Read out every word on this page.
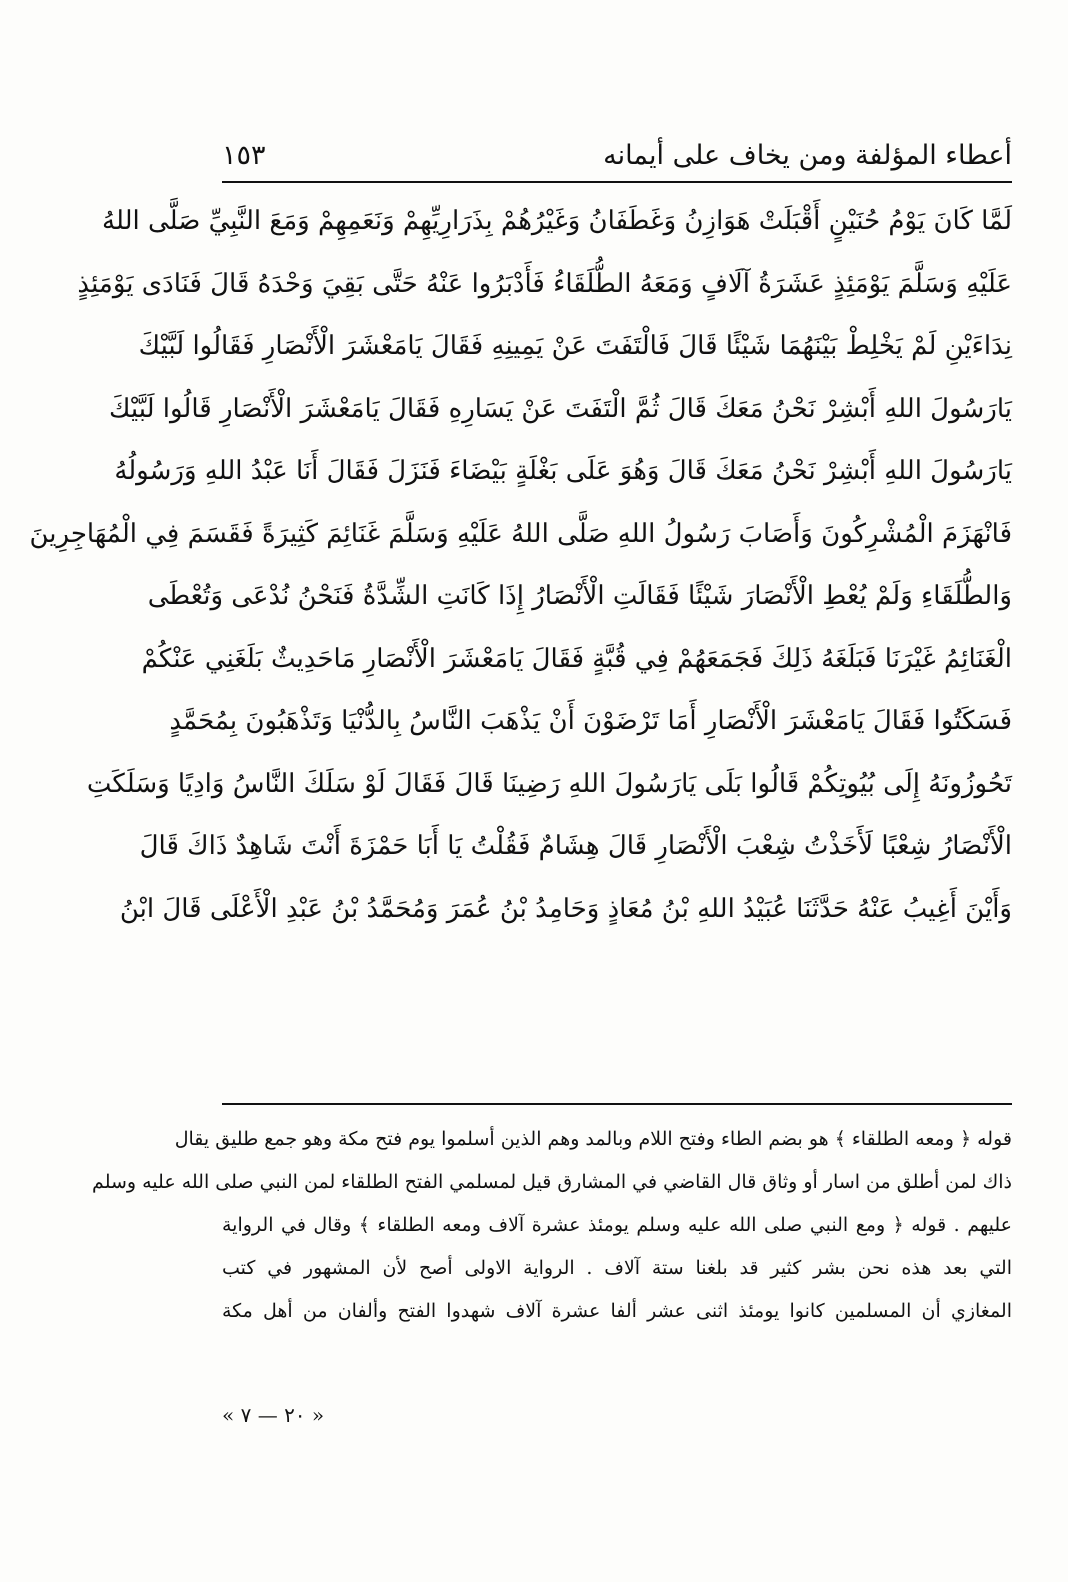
أعطاء المؤلفة ومن يخاف على أيمانه
١٥٣
لَمَّا كَانَ يَوْمُ حُنَيْنٍ أَقْبَلَتْ هَوَازِنُ وَغَطَفَانُ وَغَيْرُهُمْ بِذَرَارِيِّهِمْ وَنَعَمِهِمْ وَمَعَ النَّبِيِّ صَلَّى اللهُ
عَلَيْهِ وَسَلَّمَ يَوْمَئِذٍ عَشَرَةُ آلَافٍ وَمَعَهُ الطُّلَقَاءُ فَأَدْبَرُوا عَنْهُ حَتَّى بَقِيَ وَحْدَهُ قَالَ فَنَادَى يَوْمَئِذٍ
نِدَاءَيْنِ لَمْ يَخْلِطْ بَيْنَهُمَا شَيْئًا قَالَ فَالْتَفَتَ عَنْ يَمِينِهِ فَقَالَ يَامَعْشَرَ الْأَنْصَارِ فَقَالُوا لَبَّيْكَ
يَارَسُولَ اللهِ أَبْشِرْ نَحْنُ مَعَكَ قَالَ ثُمَّ الْتَفَتَ عَنْ يَسَارِهِ فَقَالَ يَامَعْشَرَ الْأَنْصَارِ قَالُوا لَبَّيْكَ
يَارَسُولَ اللهِ أَبْشِرْ نَحْنُ مَعَكَ قَالَ وَهُوَ عَلَى بَغْلَةٍ بَيْضَاءَ فَنَزَلَ فَقَالَ أَنَا عَبْدُ اللهِ وَرَسُولُهُ
فَانْهَزَمَ الْمُشْرِكُونَ وَأَصَابَ رَسُولُ اللهِ صَلَّى اللهُ عَلَيْهِ وَسَلَّمَ غَنَائِمَ كَثِيرَةً فَقَسَمَ فِي الْمُهَاجِرِينَ
وَالطُّلَقَاءِ وَلَمْ يُعْطِ الْأَنْصَارَ شَيْئًا فَقَالَتِ الْأَنْصَارُ إِذَا كَانَتِ الشِّدَّةُ فَنَحْنُ نُدْعَى وَتُعْطَى
الْغَنَائِمُ غَيْرَنَا فَبَلَغَهُ ذَلِكَ فَجَمَعَهُمْ فِي قُبَّةٍ فَقَالَ يَامَعْشَرَ الْأَنْصَارِ مَاحَدِيثٌ بَلَغَنِي عَنْكُمْ
فَسَكَتُوا فَقَالَ يَامَعْشَرَ الْأَنْصَارِ أَمَا تَرْضَوْنَ أَنْ يَذْهَبَ النَّاسُ بِالدُّنْيَا وَتَذْهَبُونَ بِمُحَمَّدٍ
تَحُوزُونَهُ إِلَى بُيُوتِكُمْ قَالُوا بَلَى يَارَسُولَ اللهِ رَضِينَا قَالَ فَقَالَ لَوْ سَلَكَ النَّاسُ وَادِيًا وَسَلَكَتِ
الْأَنْصَارُ شِعْبًا لَأَخَذْتُ شِعْبَ الْأَنْصَارِ قَالَ هِشَامٌ فَقُلْتُ يَا أَبَا حَمْزَةَ أَنْتَ شَاهِدٌ ذَاكَ قَالَ
وَأَيْنَ أَغِيبُ عَنْهُ حَدَّثَنَا عُبَيْدُ اللهِ بْنُ مُعَاذٍ وَحَامِدُ بْنُ عُمَرَ وَمُحَمَّدُ بْنُ عَبْدِ الْأَعْلَى قَالَ ابْنُ
قوله ﴿ ومعه الطلقاء ﴾ هو بضم الطاء وفتح اللام وبالمد وهم الذين أسلموا يوم فتح مكة وهو جمع طليق يقال
ذاك لمن أطلق من اسار أو وثاق قال القاضي في المشارق قيل لمسلمي الفتح الطلقاء لمن النبي صلى الله عليه وسلم
عليهم . قوله ﴿ ومع النبي صلى الله عليه وسلم يومئذ عشرة آلاف ومعه الطلقاء ﴾ وقال في الرواية
التي بعد هذه نحن بشر كثير قد بلغنا ستة آلاف . الرواية الاولى أصح لأن المشهور في كتب
المغازي أن المسلمين كانوا يومئذ اثنى عشر ألفا عشرة آلاف شهدوا الفتح وألفان من أهل مكة
« ٢٠ — ٧ »
